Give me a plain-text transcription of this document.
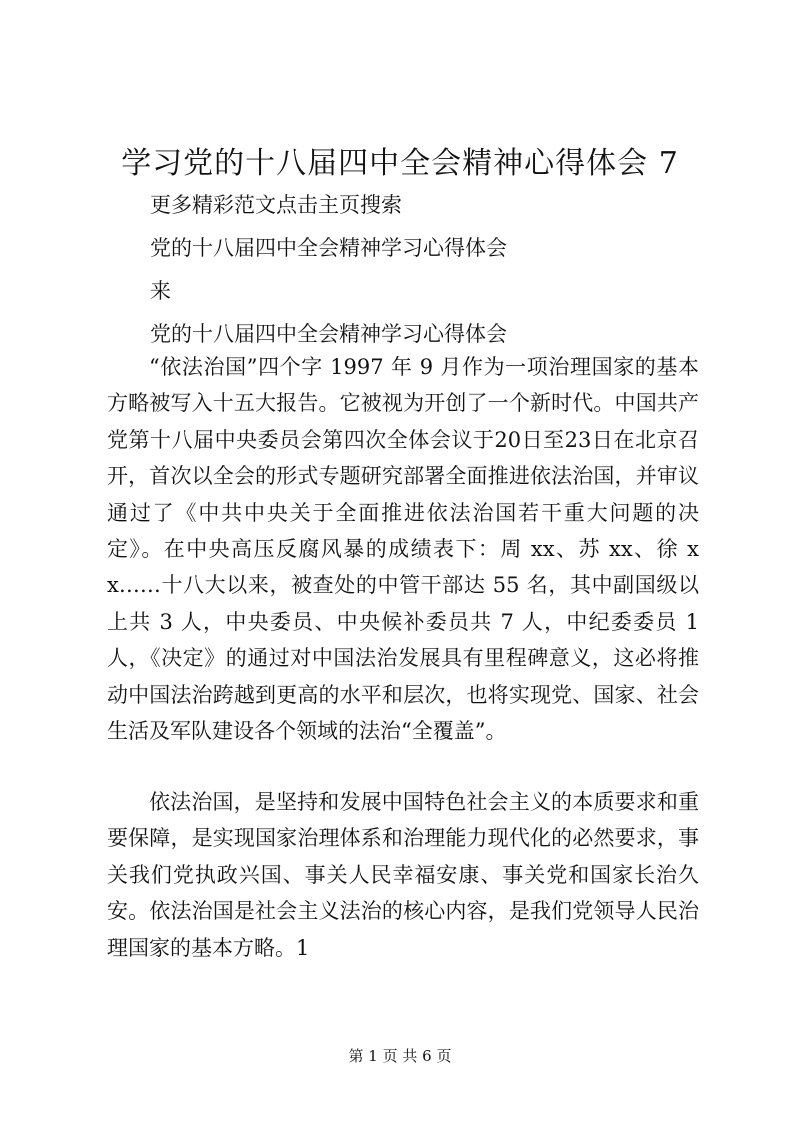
学习党的十八届四中全会精神心得体会 7

更多精彩范文点击主页搜索

党的十八届四中全会精神学习心得体会

来

党的十八届四中全会精神学习心得体会

“依法治国”四个字 1997 年 9 月作为一项治理国家的基本方略被写入十五大报告。它被视为开创了一个新时代。中国共产党第十八届中央委员会第四次全体会议于20日至23日在北京召开，首次以全会的形式专题研究部署全面推进依法治国，并审议通过了《中共中央关于全面推进依法治国若干重大问题的决定》。在中央高压反腐风暴的成绩表下：周 xx、苏 xx、徐 xx……十八大以来，被查处的中管干部达 55 名，其中副国级以上共 3 人，中央委员、中央候补委员共 7 人，中纪委委员 1 人，《决定》的通过对中国法治发展具有里程碑意义，这必将推动中国法治跨越到更高的水平和层次，也将实现党、国家、社会生活及军队建设各个领域的法治“全覆盖”。

依法治国，是坚持和发展中国特色社会主义的本质要求和重要保障，是实现国家治理体系和治理能力现代化的必然要求，事关我们党执政兴国、事关人民幸福安康、事关党和国家长治久安。依法治国是社会主义法治的核心内容，是我们党领导人民治理国家的基本方略。1

第 1 页 共 6 页
